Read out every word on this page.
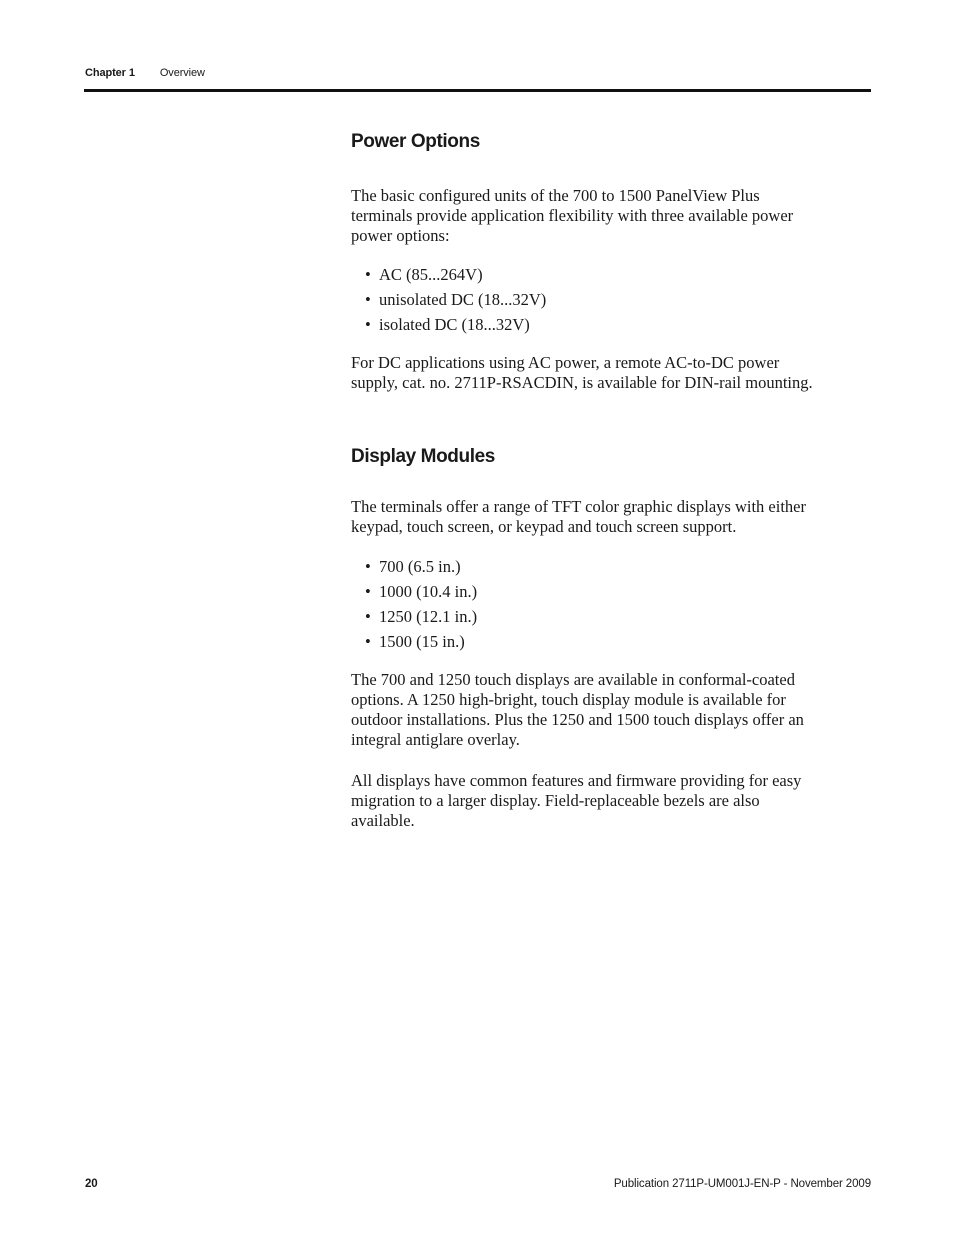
Chapter 1 Overview
Power Options

The basic configured units of the 700 to 1500 PanelView Plus
terminals provide application flexibility with three available power
power options:

• AC (85...264V)
• unisolated DC (18...32V)
• isolated DC (18...32V)

For DC applications using AC power, a remote AC-to-DC power
supply, cat. no. 2711P-RSACDIN, is available for DIN-rail mounting.

Display Modules

The terminals offer a range of TFT color graphic displays with either
keypad, touch screen, or keypad and touch screen support.

• 700 (6.5 in.)
• 1000 (10.4 in.)
• 1250 (12.1 in.)
• 1500 (15 in.)

The 700 and 1250 touch displays are available in conformal-coated
options. A 1250 high-bright, touch display module is available for
outdoor installations. Plus the 1250 and 1500 touch displays offer an
integral antiglare overlay.

All displays have common features and firmware providing for easy
migration to a larger display. Field-replaceable bezels are also
available.

20	Publication 2711P-UM001J-EN-P - November 2009
